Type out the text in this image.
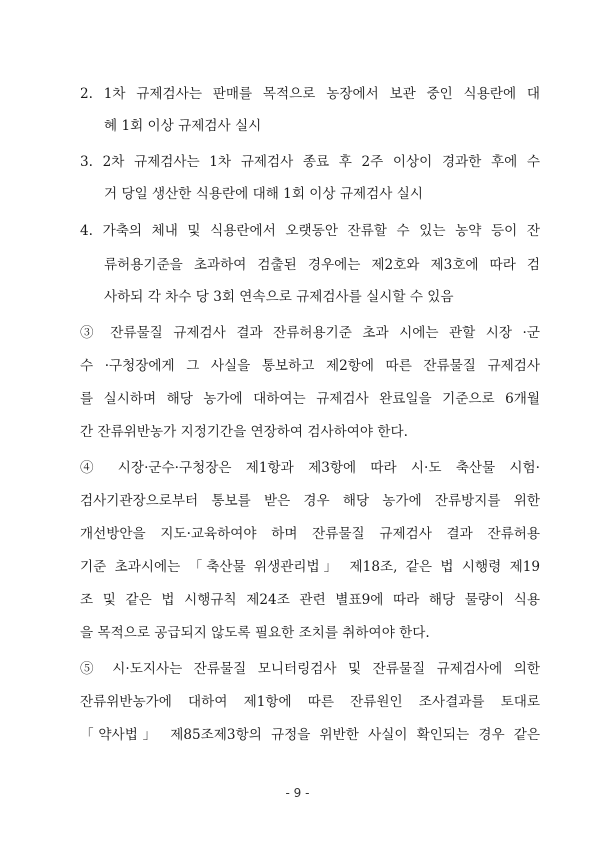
2. 1차 규제검사는 판매를 목적으로 농장에서 보관 중인 식용란에 대
혜 1회 이상 규제검사 실시
3. 2차 규제검사는 1차 규제검사 종료 후 2주 이상이 경과한 후에 수
거 당일 생산한 식용란에 대해 1회 이상 규제검사 실시
4. 가축의 체내 및 식용란에서 오랫동안 잔류할 수 있는 농약 등이 잔
류허용기준을 초과하여 검출된 경우에는 제2호와 제3호에 따라 검
사하되 각 차수 당 3회 연속으로 규제검사를 실시할 수 있음
③ 잔류물질 규제검사 결과 잔류허용기준 초과 시에는 관할 시장 ·군
수 ·구청장에게 그 사실을 통보하고 제2항에 따른 잔류물질 규제검사
를 실시하며 해당 농가에 대하여는 규제검사 완료일을 기준으로 6개월
간 잔류위반농가 지정기간을 연장하여 검사하여야 한다.
④ 시장·군수·구청장은 제1항과 제3항에 따라 시·도 축산물 시험·
검사기관장으로부터 통보를 받은 경우 해당 농가에 잔류방지를 위한
개선방안을 지도·교육하여야 하며 잔류물질 규제검사 결과 잔류허용
기준 초과시에는 「축산물 위생관리법」 제18조, 같은 법 시행령 제19
조 및 같은 법 시행규칙 제24조 관련 별표9에 따라 해당 물량이 식용
을 목적으로 공급되지 않도록 필요한 조치를 취하여야 한다.
⑤ 시·도지사는 잔류물질 모니터링검사 및 잔류물질 규제검사에 의한
잔류위반농가에 대하여 제1항에 따른 잔류원인 조사결과를 토대로
「약사법」 제85조제3항의 규정을 위반한 사실이 확인되는 경우 같은
- 9 -
